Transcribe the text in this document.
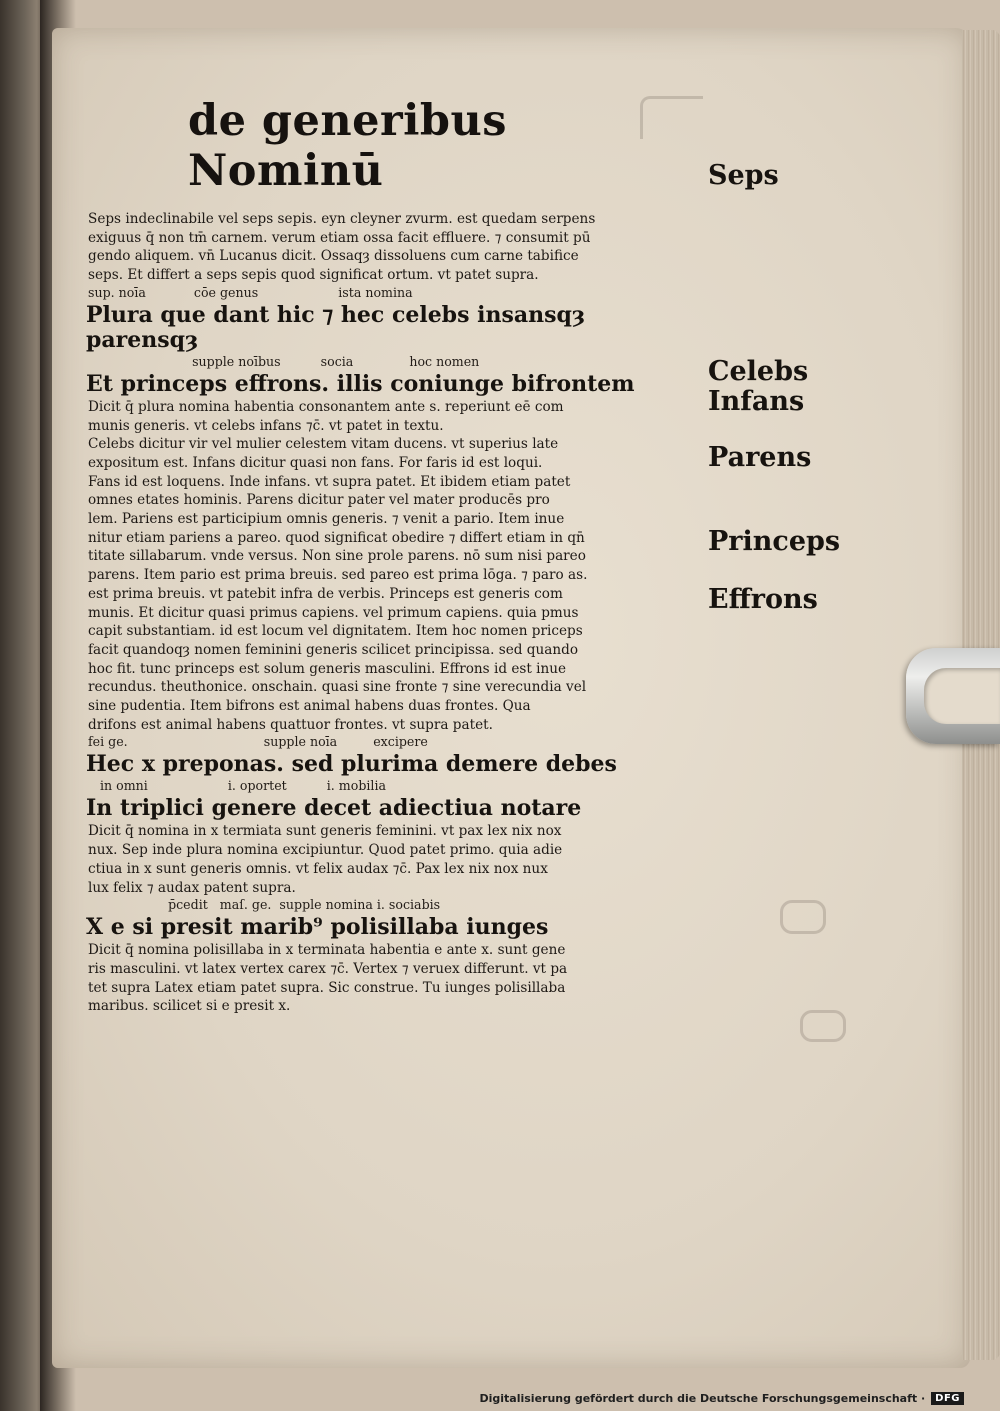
de generibus Nominū

Seps indeclinabile vel seps sepis. eyn cleyner zvurm. est quedam serpens

exiguus q̄ non tm̄ carnem. verum etiam ossa facit effluere. ⁊ consumit pū

gendo aliquem. vn̄ Lucanus dicit. Ossaqȝ dissoluens cum carne tabifice

seps. Et differt a seps sepis quod significat ortum. vt patet supra.

sup. noīa            cōe genus                    ista nomina
Plura que dant hic ⁊ hec celebs insansqȝ parensqȝ
supple noībus          socia              hoc nomen
Et princeps effrons. illis coniunge bifrontem

Dicit q̄ plura nomina habentia consonantem ante s. reperiunt eē com

munis generis. vt celebs infans ⁊c̄. vt patet in textu.

Celebs dicitur vir vel mulier celestem vitam ducens. vt superius late

expositum est. Infans dicitur quasi non fans. For faris id est loqui.

Fans id est loquens. Inde infans. vt supra patet. Et ibidem etiam patet

omnes etates hominis. Parens dicitur pater vel mater producēs pro

lem. Pariens est participium omnis generis. ⁊ venit a pario. Item inue

nitur etiam pariens a pareo. quod significat obedire ⁊ differt etiam in qn̄

titate sillabarum. vnde versus. Non sine prole parens. nō sum nisi pareo

parens. Item pario est prima breuis. sed pareo est prima lōga. ⁊ paro as.

est prima breuis. vt patebit infra de verbis. Princeps est generis com

munis. Et dicitur quasi primus capiens. vel primum capiens. quia pmus

capit substantiam. id est locum vel dignitatem. Item hoc nomen priceps

facit quandoqȝ nomen feminini generis scilicet principissa. sed quando

hoc fit. tunc princeps est solum generis masculini. Effrons id est inue

recundus. theuthonice. onschain. quasi sine fronte ⁊ sine verecundia vel

sine pudentia. Item bifrons est animal habens duas frontes. Qua

drifons est animal habens quattuor frontes. vt supra patet.

fei ge.                                  supple noīa         excipere
Hec x preponas. sed plurima demere debes
in omni                    i. oportet          i. mobilia
In triplici genere decet adiectiua notare

Dicit q̄ nomina in x termiata sunt generis feminini. vt pax lex nix nox

nux. Sep inde plura nomina excipiuntur. Quod patet primo. quia adie

ctiua in x sunt generis omnis. vt felix audax ⁊c̄. Pax lex nix nox nux

lux felix ⁊ audax patent supra.

p̄cedit   maſ. ge.  supple nomina i. sociabis
X e si presit marib⁹ polisillaba iunges

Dicit q̄ nomina polisillaba in x terminata habentia e ante x. sunt gene

ris masculini. vt latex vertex carex ⁊c̄. Vertex ⁊ veruex differunt. vt pa

tet supra Latex etiam patet supra. Sic construe. Tu iunges polisillaba

maribus. scilicet si e presit x.

Seps
Celebs
Infans
Parens
Princeps
Effrons
Digitalisierung gefördert durch die Deutsche Forschungsgemeinschaft ·	DFG
